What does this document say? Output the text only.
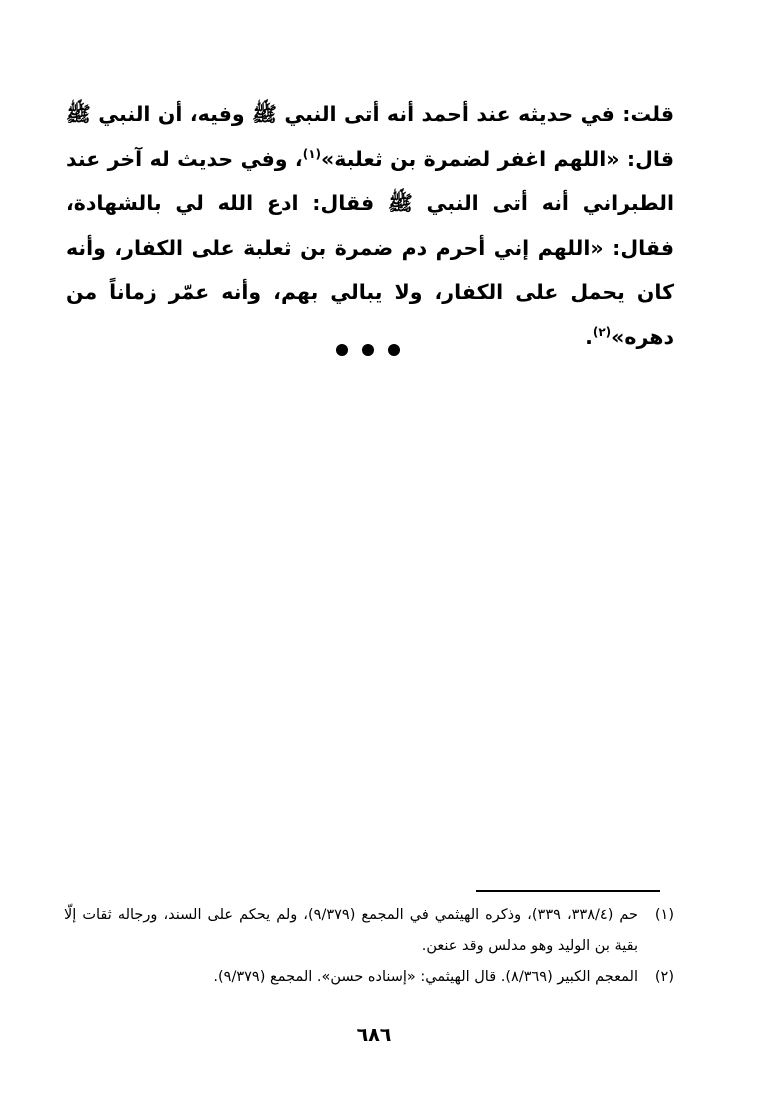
قلت: في حديثه عند أحمد أنه أتى النبي ﷺ وفيه، أن النبي ﷺ قال: «اللهم اغفر لضمرة بن ثعلبة»$^{(١)}$، وفي حديث له آخر عند الطبراني أنه أتى النبي ﷺ فقال: ادع الله لي بالشهادة، فقال: «اللهم إني أحرم دم ضمرة بن ثعلبة على الكفار، وأنه كان يحمل على الكفار، ولا يبالي بهم، وأنه عمّر زماناً من دهره»$^{(٢)}$.

(١)
حم (٣٣٨/٤، ٣٣٩)، وذكره الهيثمي في المجمع (٩/٣٧٩)، ولم يحكم على السند، ورجاله ثقات إلّا بقية بن الوليد وهو مدلس وقد عنعن.

(٢)
المعجم الكبير (٨/٣٦٩). قال الهيثمي: «إسناده حسن». المجمع (٩/٣٧٩).

٦٨٦
